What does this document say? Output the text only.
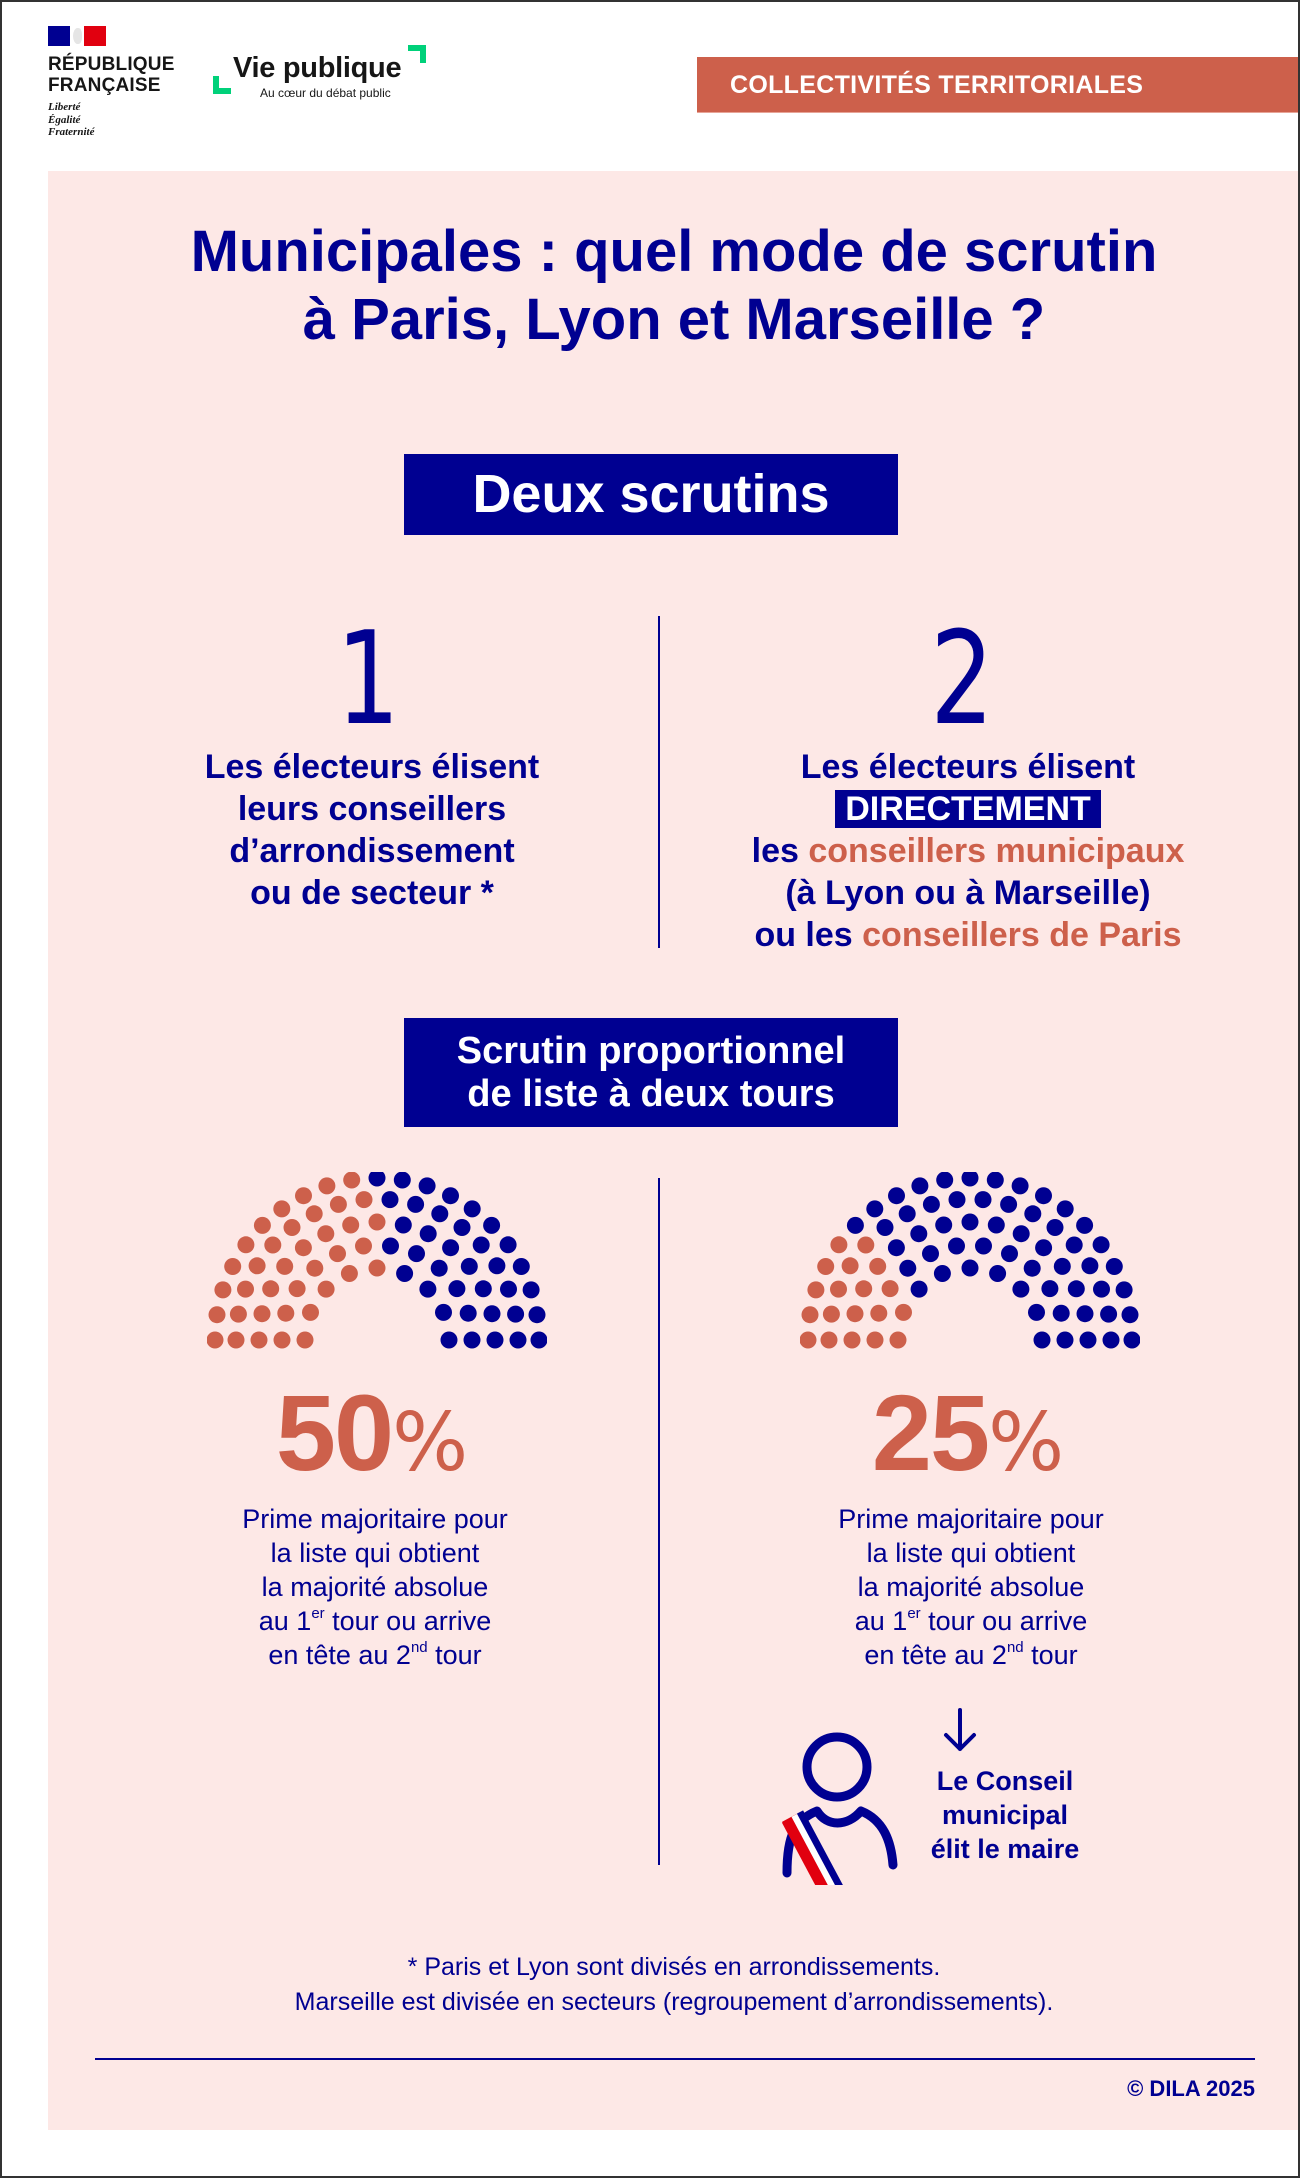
RÉPUBLIQUE
FRANÇAISE
Liberté
Égalité
Fraternité
Vie publique
Au cœur du débat public	COLLECTIVITÉS TERRITORIALES
Municipales : quel mode de scrutin
à Paris, Lyon et Marseille ?
Deux scrutins
1	2
Les électeurs élisent
leurs conseillers
d’arrondissement
ou de secteur *
Les électeurs élisent
DIRECTEMENT
les conseillers municipaux
(à Lyon ou à Marseille)
ou les conseillers de Paris
Scrutin proportionnel
de liste à deux tours
50%	25%
Prime majoritaire pour
la liste qui obtient
la majorité absolue
au 1er tour ou arrive
en tête au 2nd tour
Prime majoritaire pour
la liste qui obtient
la majorité absolue
au 1er tour ou arrive
en tête au 2nd tour
Le Conseil
municipal
élit le maire
* Paris et Lyon sont divisés en arrondissements.
Marseille est divisée en secteurs (regroupement d’arrondissements).
© DILA 2025
